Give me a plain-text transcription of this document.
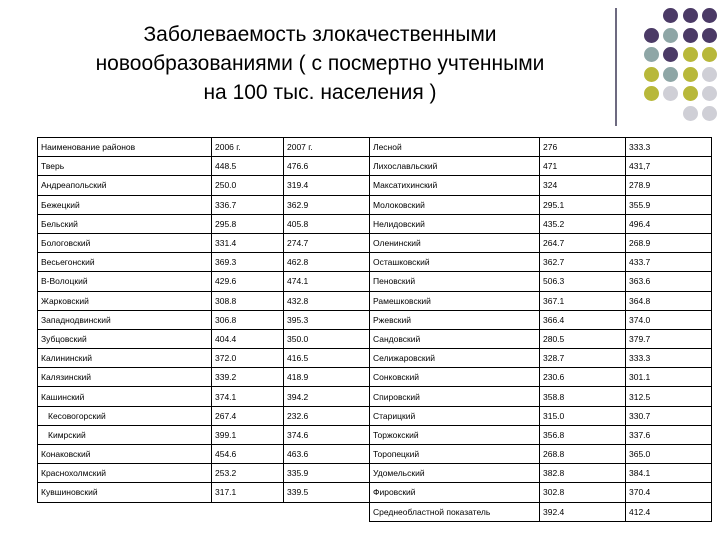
Заболеваемость злокачественными
новообразованиями ( с посмертно учтенными
на 100 тыс. населения )
Наименование районов	2006 г.	2007 г.	Лесной	276	333.3
Тверь	448.5	476.6	Лихославльский	471	431,7
Андреапольский	250.0	319.4	Максатихинский	324	278.9
Бежецкий	336.7	362.9	Молоковский	295.1	355.9
Бельский	295.8	405.8	Нелидовский	435.2	496.4
Бологовский	331.4	274.7	Оленинский	264.7	268.9
Весьегонский	369.3	462.8	Осташковский	362.7	433.7
В-Волоцкий	429.6	474.1	Пеновский	506.3	363.6
Жарковский	308.8	432.8	Рамешковский	367.1	364.8
Западнодвинский	306.8	395.3	Ржевский	366.4	374.0
Зубцовский	404.4	350.0	Сандовский	280.5	379.7
Калининский	372.0	416.5	Селижаровский	328.7	333.3
Калязинский	339.2	418.9	Сонковский	230.6	301.1
Кашинский	374.1	394.2	Спировский	358.8	312.5
Кесовогорский	267.4	232.6	Старицкий	315.0	330.7
Кимрский	399.1	374.6	Торжокский	356.8	337.6
Конаковский	454.6	463.6	Торопецкий	268.8	365.0
Краснохолмский	253.2	335.9	Удомельский	382.8	384.1
Кувшиновский	317.1	339.5	Фировский	302.8	370.4
			Среднеобластной показатель	392.4	412.4
